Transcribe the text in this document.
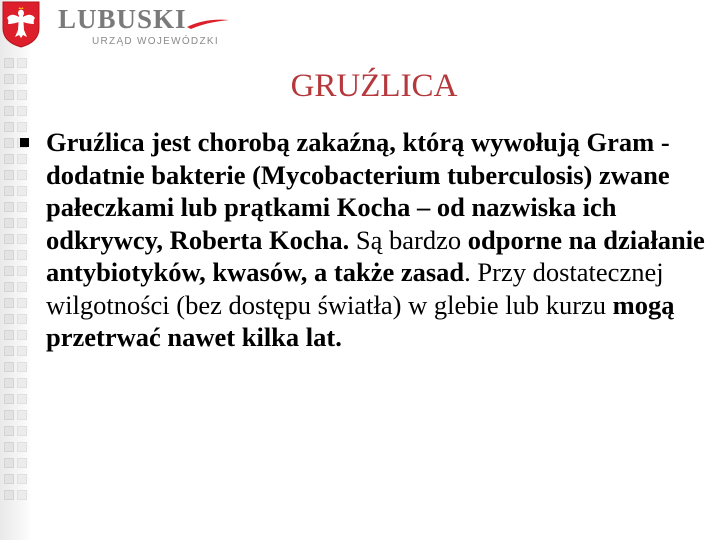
LUBUSKI
URZĄD WOJEWÓDZKI
GRUŹLICA
Gruźlica jest chorobą zakaźną, którą wywołują Gram - dodatnie bakterie (Mycobacterium tuberculosis) zwane pałeczkami lub prątkami Kocha – od nazwiska ich odkrywcy, Roberta Kocha. Są bardzo odporne na działanie antybiotyków, kwasów, a także zasad. Przy dostatecznej wilgotności (bez dostępu światła) w glebie lub kurzu mogą przetrwać nawet kilka lat.
